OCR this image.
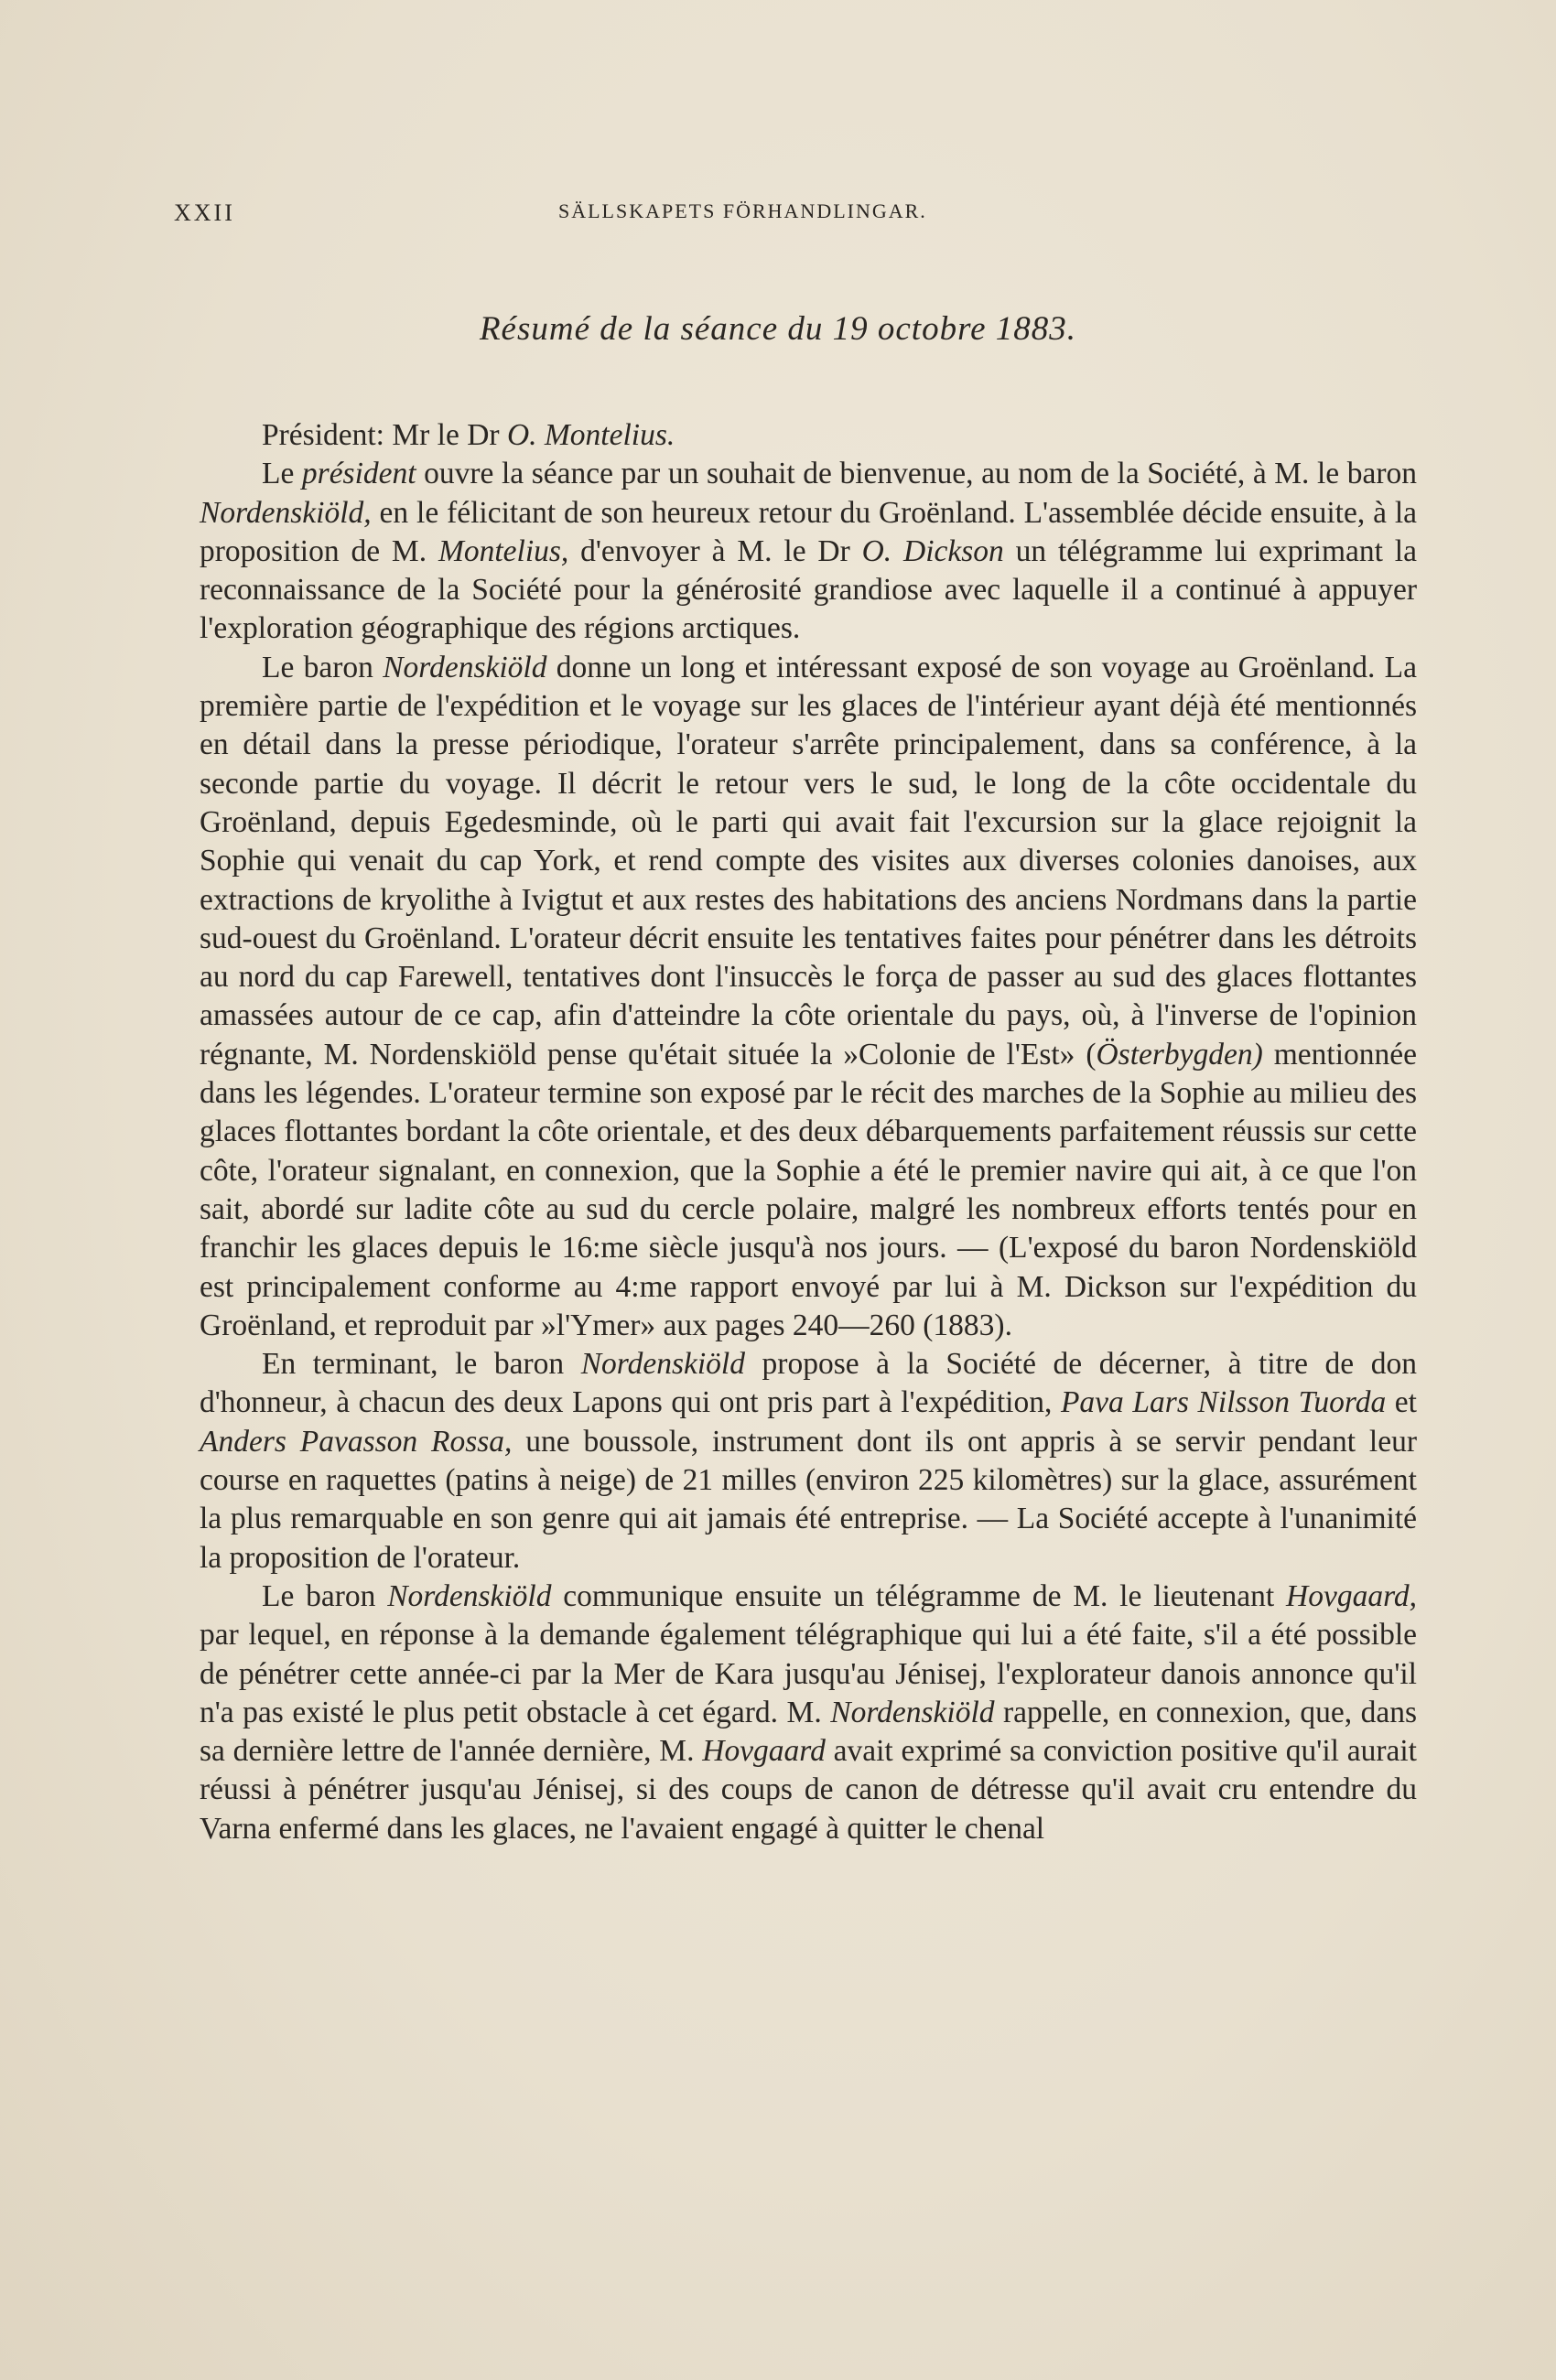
XXII	SÄLLSKAPETS FÖRHANDLINGAR.
Résumé de la séance du 19 octobre 1883.

Président: Mr le Dr O. Montelius.

Le président ouvre la séance par un souhait de bienvenue, au nom de la Société, à M. le baron Nordenskiöld, en le félicitant de son heureux retour du Groënland. L'assemblée décide ensuite, à la proposition de M. Montelius, d'envoyer à M. le Dr O. Dickson un télégramme lui exprimant la reconnaissance de la Société pour la générosité grandiose avec laquelle il a continué à appuyer l'exploration géographique des régions arctiques.

Le baron Nordenskiöld donne un long et intéressant exposé de son voyage au Groënland. La première partie de l'expédition et le voyage sur les glaces de l'intérieur ayant déjà été mentionnés en détail dans la presse périodique, l'orateur s'arrête principalement, dans sa conférence, à la seconde partie du voyage. Il décrit le retour vers le sud, le long de la côte occidentale du Groënland, depuis Egedesminde, où le parti qui avait fait l'excursion sur la glace rejoignit la Sophie qui venait du cap York, et rend compte des visites aux diverses colonies danoises, aux extractions de kryolithe à Ivigtut et aux restes des habitations des anciens Nordmans dans la partie sud-ouest du Groënland. L'orateur décrit ensuite les tentatives faites pour pénétrer dans les détroits au nord du cap Farewell, tentatives dont l'insuccès le força de passer au sud des glaces flottantes amassées autour de ce cap, afin d'atteindre la côte orientale du pays, où, à l'inverse de l'opinion régnante, M. Nordenskiöld pense qu'était située la »Colonie de l'Est» (Österbygden) mentionnée dans les légendes. L'orateur termine son exposé par le récit des marches de la Sophie au milieu des glaces flottantes bordant la côte orientale, et des deux débarquements parfaitement réussis sur cette côte, l'orateur signalant, en connexion, que la Sophie a été le premier navire qui ait, à ce que l'on sait, abordé sur ladite côte au sud du cercle polaire, malgré les nombreux efforts tentés pour en franchir les glaces depuis le 16:me siècle jusqu'à nos jours. — (L'exposé du baron Nordenskiöld est principalement conforme au 4:me rapport envoyé par lui à M. Dickson sur l'expédition du Groënland, et reproduit par »l'Ymer» aux pages 240—260 (1883).

En terminant, le baron Nordenskiöld propose à la Société de décerner, à titre de don d'honneur, à chacun des deux Lapons qui ont pris part à l'expédition, Pava Lars Nilsson Tuorda et Anders Pavasson Rossa, une boussole, instrument dont ils ont appris à se servir pendant leur course en raquettes (patins à neige) de 21 milles (environ 225 kilomètres) sur la glace, assurément la plus remarquable en son genre qui ait jamais été entreprise. — La Société accepte à l'unanimité la proposition de l'orateur.

Le baron Nordenskiöld communique ensuite un télégramme de M. le lieutenant Hovgaard, par lequel, en réponse à la demande également télégraphique qui lui a été faite, s'il a été possible de pénétrer cette année-ci par la Mer de Kara jusqu'au Jénisej, l'explorateur danois annonce qu'il n'a pas existé le plus petit obstacle à cet égard. M. Nordenskiöld rappelle, en connexion, que, dans sa dernière lettre de l'année dernière, M. Hovgaard avait exprimé sa conviction positive qu'il aurait réussi à pénétrer jusqu'au Jénisej, si des coups de canon de détresse qu'il avait cru entendre du Varna enfermé dans les glaces, ne l'avaient engagé à quitter le chenal
